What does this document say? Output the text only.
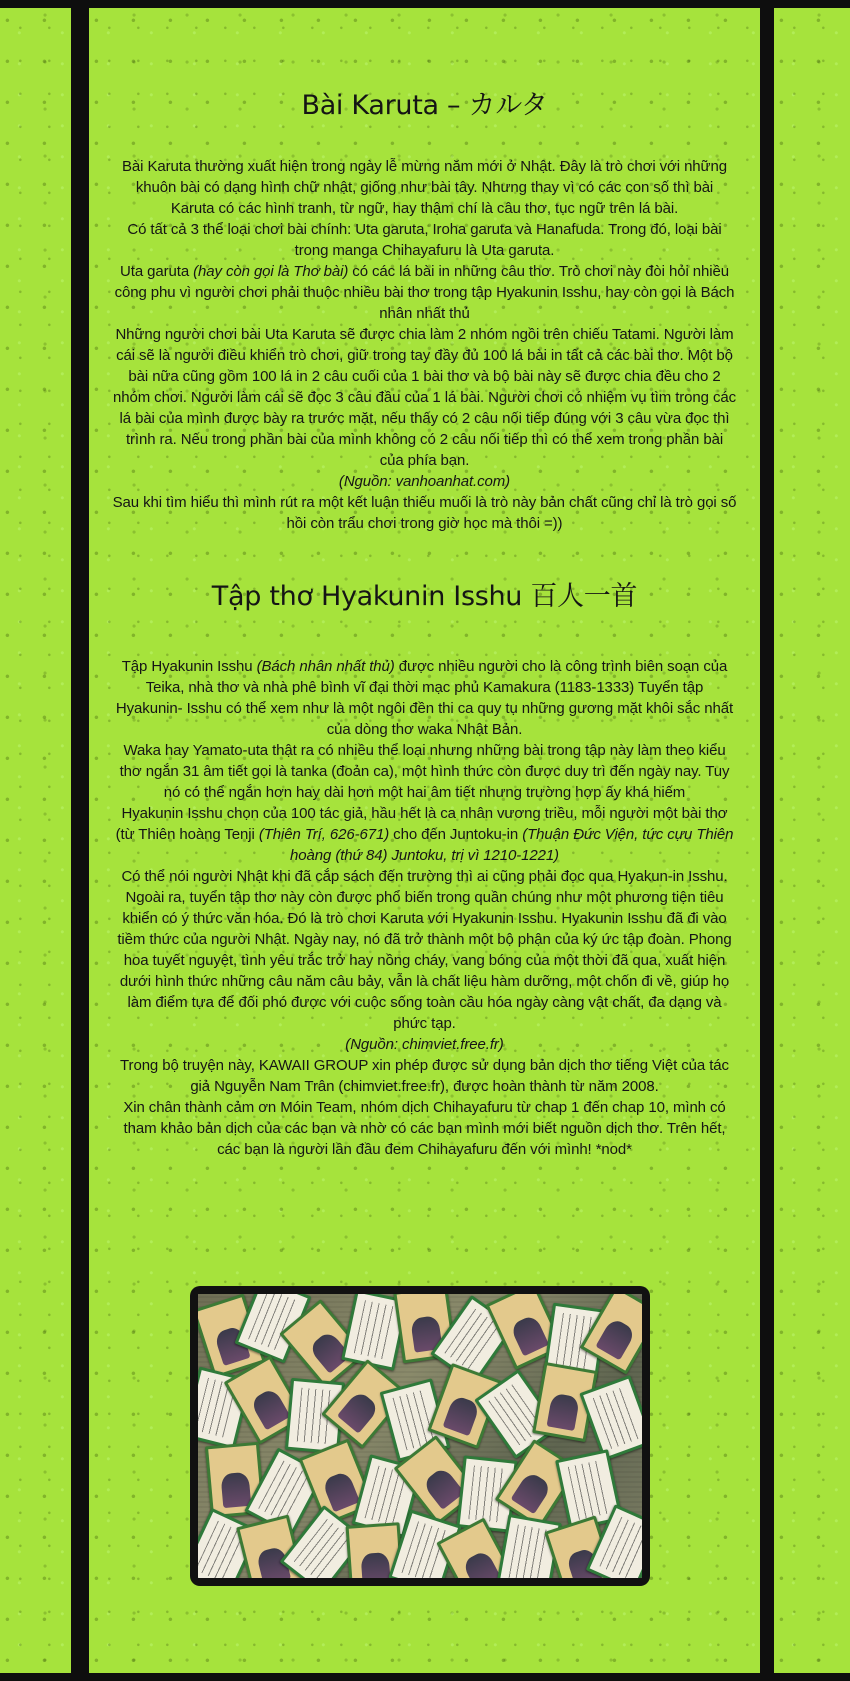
Bài Karuta – カルタ

Bài Karuta thường xuất hiện trong ngày lễ mừng năm mới ở Nhật. Đây là trò chơi với những khuôn bài có dạng hình chữ nhật, giống như bài tây. Nhưng thay vì có các con số thì bài Karuta có các hình tranh, từ ngữ, hay thậm chí là câu thơ, tục ngữ trên lá bài.

Có tất cả 3 thể loại chơi bài chính: Uta garuta, Iroha garuta và Hanafuda. Trong đó, loại bài trong manga Chihayafuru là Uta garuta.

Uta garuta (hay còn gọi là Thơ bài) có các lá bài in những câu thơ. Trò chơi này đòi hỏi nhiều công phu vì người chơi phải thuộc nhiều bài thơ trong tập Hyakunin Isshu, hay còn gọi là Bách nhân nhất thủ

Những người chơi bài Uta Karuta sẽ được chia làm 2 nhóm ngồi trên chiếu Tatami. Người làm cái sẽ là người điều khiển trò chơi, giữ trong tay đầy đủ 100 lá bài in tất cả các bài thơ. Một bộ bài nữa cũng gồm 100 lá in 2 câu cuối của 1 bài thơ và bộ bài này sẽ được chia đều cho 2 nhóm chơi. Người làm cái sẽ đọc 3 câu đầu của 1 lá bài. Người chơi có nhiệm vụ tìm trong các lá bài của mình được bày ra trước mặt, nếu thấy có 2 câu nối tiếp đúng với 3 câu vừa đọc thì trình ra. Nếu trong phần bài của mình không có 2 câu nối tiếp thì có thể xem trong phần bài của phía bạn.

(Nguồn: vanhoanhat.com)

Sau khi tìm hiểu thì mình rút ra một kết luận thiếu muối là trò này bản chất cũng chỉ là trò gọi số hồi còn trẩu chơi trong giờ học mà thôi =))

Tập thơ Hyakunin Isshu 百人一首

Tập Hyakunin Isshu (Bách nhân nhất thủ) được nhiều người cho là công trình biên soạn của Teika, nhà thơ và nhà phê bình vĩ đại thời mạc phủ Kamakura (1183-1333) Tuyển tập Hyakunin- Isshu có thể xem như là một ngôi đền thi ca quy tụ những gương mặt khôi sắc nhất của dòng thơ waka Nhật Bản.

Waka hay Yamato-uta thật ra có nhiều thể loại nhưng những bài trong tập này làm theo kiểu thơ ngắn 31 âm tiết gọi là tanka (đoản ca), một hình thức còn được duy trì đến ngày nay. Tuy nó có thể ngắn hơn hay dài hơn một hai âm tiết nhưng trường hợp ấy khá hiếm

Hyakunin Isshu chọn của 100 tác giả, hầu hết là ca nhân vương triều, mỗi người một bài thơ (từ Thiên hoàng Tenji (Thiên Trí, 626-671) cho đến Juntoku-in (Thuận Đức Viện, tức cựu Thiên hoàng (thứ 84) Juntoku, trị vì 1210-1221)

Có thể nói người Nhật khi đã cắp sách đến trường thì ai cũng phải đọc qua Hyakun-in Isshu. Ngoài ra, tuyển tập thơ này còn được phổ biến trong quần chúng như một phương tiện tiêu khiển có ý thức văn hóa. Đó là trò chơi Karuta với Hyakunin Isshu. Hyakunin Isshu đã đi vào tiềm thức của người Nhật. Ngày nay, nó đã trở thành một bộ phận của ký ức tập đoàn. Phong hoa tuyết nguyệt, tình yêu trắc trở hay nồng cháy, vang bóng của một thời đã qua, xuất hiện dưới hình thức những câu năm câu bảy, vẫn là chất liệu hàm dưỡng, một chốn đi về, giúp họ làm điểm tựa để đối phó được với cuộc sống toàn cầu hóa ngày càng vật chất, đa dạng và phức tạp.

(Nguồn: chimviet.free.fr)

Trong bộ truyện này, KAWAII GROUP xin phép được sử dụng bản dịch thơ tiếng Việt của tác giả Nguyễn Nam Trân (chimviet.free.fr), được hoàn thành từ năm 2008.

Xin chân thành cảm ơn Móin Team, nhóm dịch Chihayafuru từ chap 1 đến chap 10, mình có tham khảo bản dịch của các bạn và nhờ có các bạn mình mới biết nguồn dịch thơ. Trên hết, các bạn là người lần đầu đem Chihayafuru đến với mình! *nod*
